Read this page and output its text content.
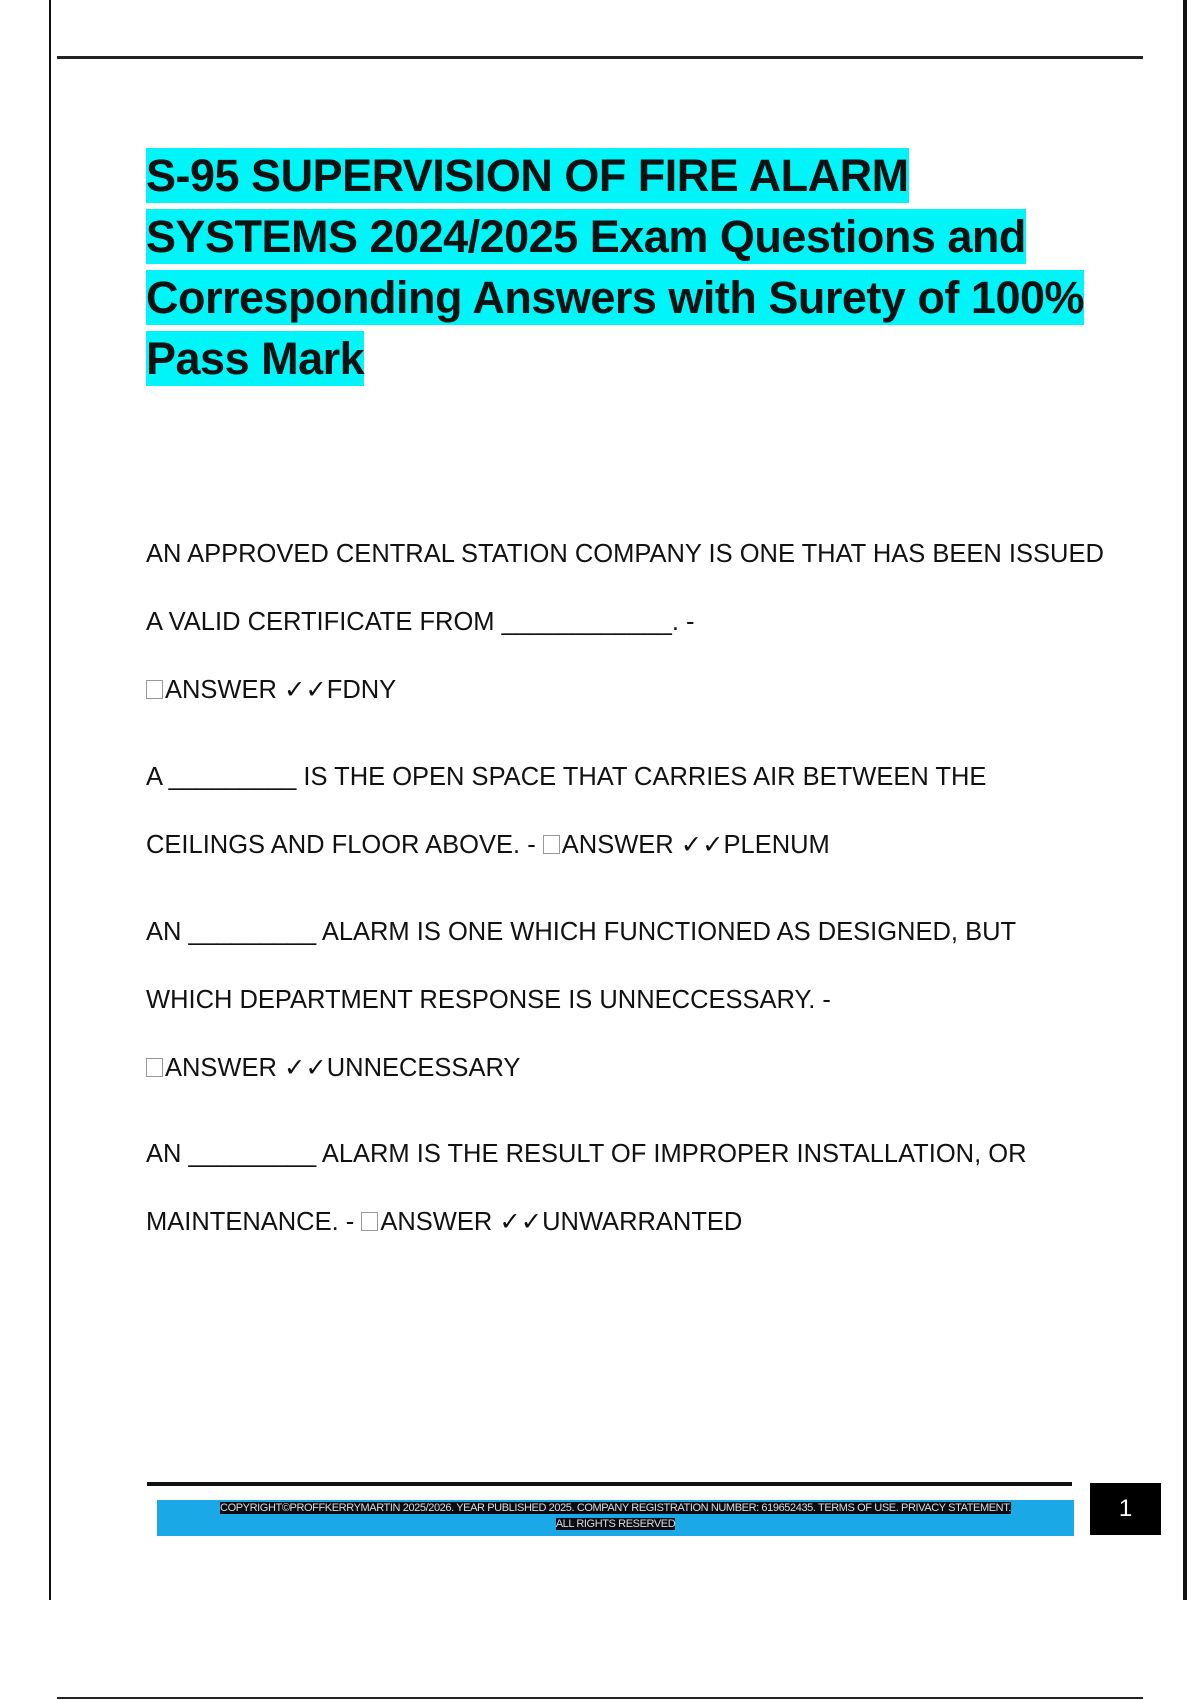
S-95 SUPERVISION OF FIRE ALARM SYSTEMS 2024/2025 Exam Questions and Corresponding Answers with Surety of 100% Pass Mark
AN APPROVED CENTRAL STATION COMPANY IS ONE THAT HAS BEEN ISSUED A VALID CERTIFICATE FROM ____________. -
ANSWER ✓✓FDNY
A _________ IS THE OPEN SPACE THAT CARRIES AIR BETWEEN THE CEILINGS AND FLOOR ABOVE. - ANSWER ✓✓PLENUM
AN _________ ALARM IS ONE WHICH FUNCTIONED AS DESIGNED, BUT WHICH DEPARTMENT RESPONSE IS UNNECCESSARY. -
ANSWER ✓✓UNNECESSARY
AN _________ ALARM IS THE RESULT OF IMPROPER INSTALLATION, OR MAINTENANCE. - ANSWER ✓✓UNWARRANTED
COPYRIGHT©PROFFKERRYMARTIN 2025/2026. YEAR PUBLISHED 2025. COMPANY REGISTRATION NUMBER: 619652435. TERMS OF USE. PRIVACY STATEMENT.
ALL RIGHTS RESERVED
1
